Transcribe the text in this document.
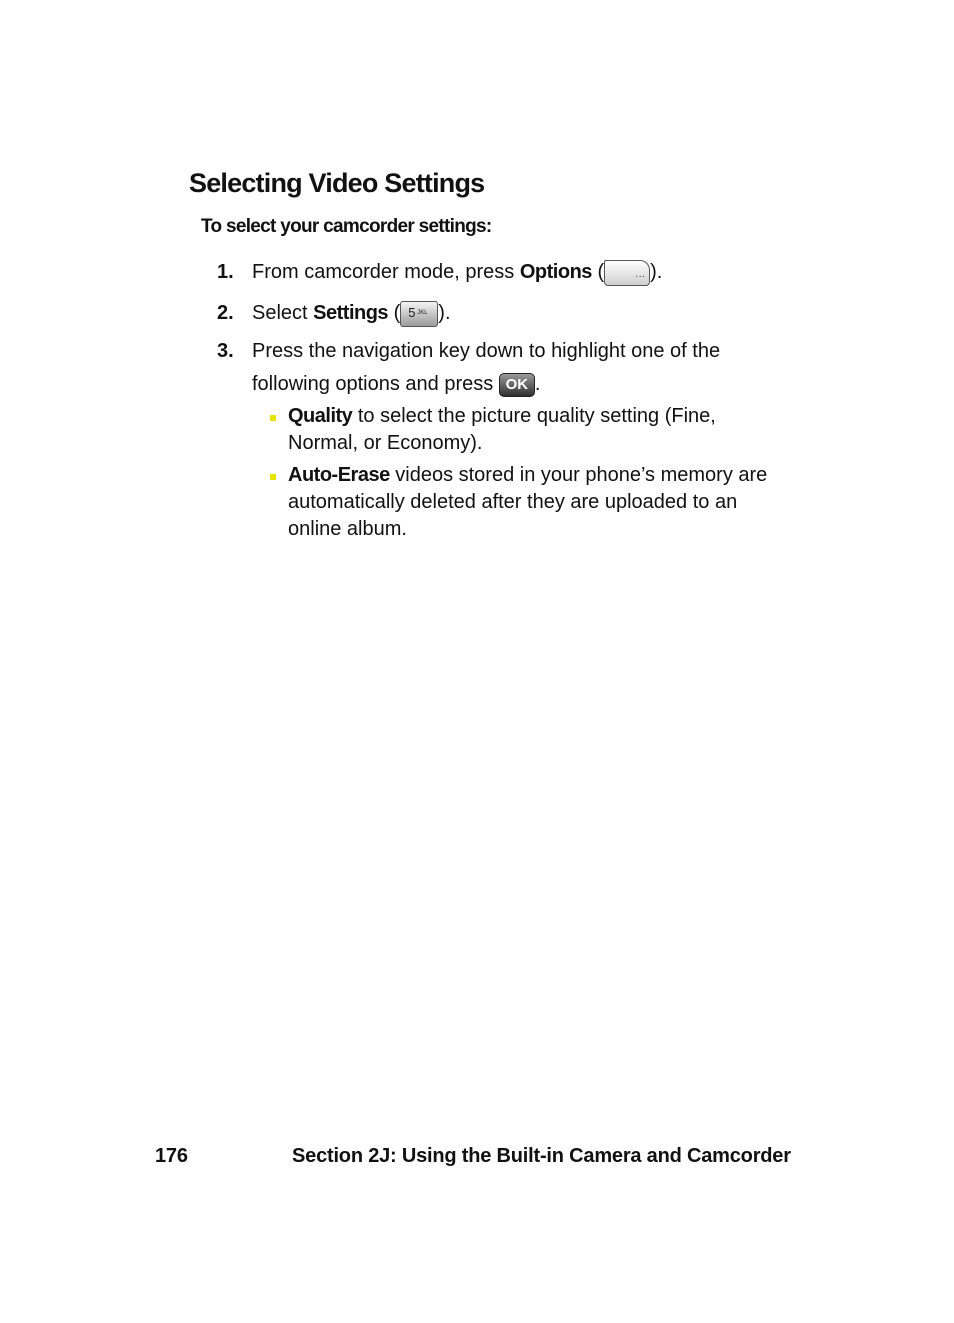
Selecting Video Settings

To select your camcorder settings:

1. From camcorder mode, press Options (	··· ).
2. Select Settings ( 5 JKL ).
3. Press the navigation key down to highlight one of the following options and press OK .
Quality to select the picture quality setting (Fine, Normal, or Economy).
Auto-Erase videos stored in your phone’s memory are automatically deleted after they are uploaded to an online album.
176	Section 2J: Using the Built-in Camera and Camcorder
